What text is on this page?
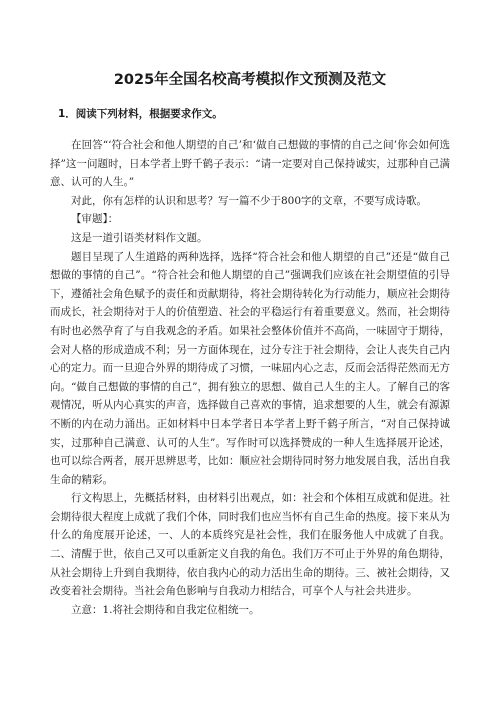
2025年全国名校高考模拟作文预测及范文
1．阅读下列材料，根据要求作文。

在回答“‘符合社会和他人期望的自己’和‘做自己想做的事情的自己之间’你会如何选择”这一问题时，日本学者上野千鹤子表示：“请一定要对自己保持诚实，过那种自己满意、认可的人生。”

对此，你有怎样的认识和思考？写一篇不少于800字的文章，不要写成诗歌。

【审题】：

这是一道引语类材料作文题。

题目呈现了人生道路的两种选择，选择“符合社会和他人期望的自己”还是“做自己想做的事情的自己”。“符合社会和他人期望的自己”强调我们应该在社会期望值的引导下，遵循社会角色赋予的责任和贡献期待，将社会期待转化为行动能力，顺应社会期待而成长，社会期待对于人的价值塑造、社会的平稳运行有着重要意义。然而，社会期待有时也必然孕育了与自我观念的矛盾。如果社会整体价值并不高尚，一味固守于期待，会对人格的形成造成不利；另一方面体现在，过分专注于社会期待，会让人丧失自己内心的定力。而一旦迎合外界的期待成了习惯，一味屈内心之志，反而会活得茫然而无方向。“做自己想做的事情的自己”，拥有独立的思想、做自己人生的主人。了解自己的客观情况，听从内心真实的声音，选择做自己喜欢的事情，追求想要的人生，就会有源源不断的内在动力涌出。正如材料中日本学者日本学者上野千鹤子所言，“对自己保持诚实，过那种自己满意、认可的人生”。写作时可以选择赞成的一种人生选择展开论述，也可以综合两者，展开思辨思考，比如：顺应社会期待同时努力地发展自我，活出自我生命的精彩。

行文构思上，先概括材料，由材料引出观点，如：社会和个体相互成就和促进。社会期待很大程度上成就了我们个体，同时我们也应当怀有自己生命的热度。接下来从为什么的角度展开论述，一、人的本质终究是社会性，我们在服务他人中成就了自我。二、清醒于世，依自己又可以重新定义自我的角色。我们万不可止于外界的角色期待，从社会期待上升到自我期待，依自我内心的动力活出生命的期待。三、被社会期待，又改变着社会期待。当社会角色影响与自我动力相结合，可享个人与社会共进步。

立意：1.将社会期待和自我定位相统一。
